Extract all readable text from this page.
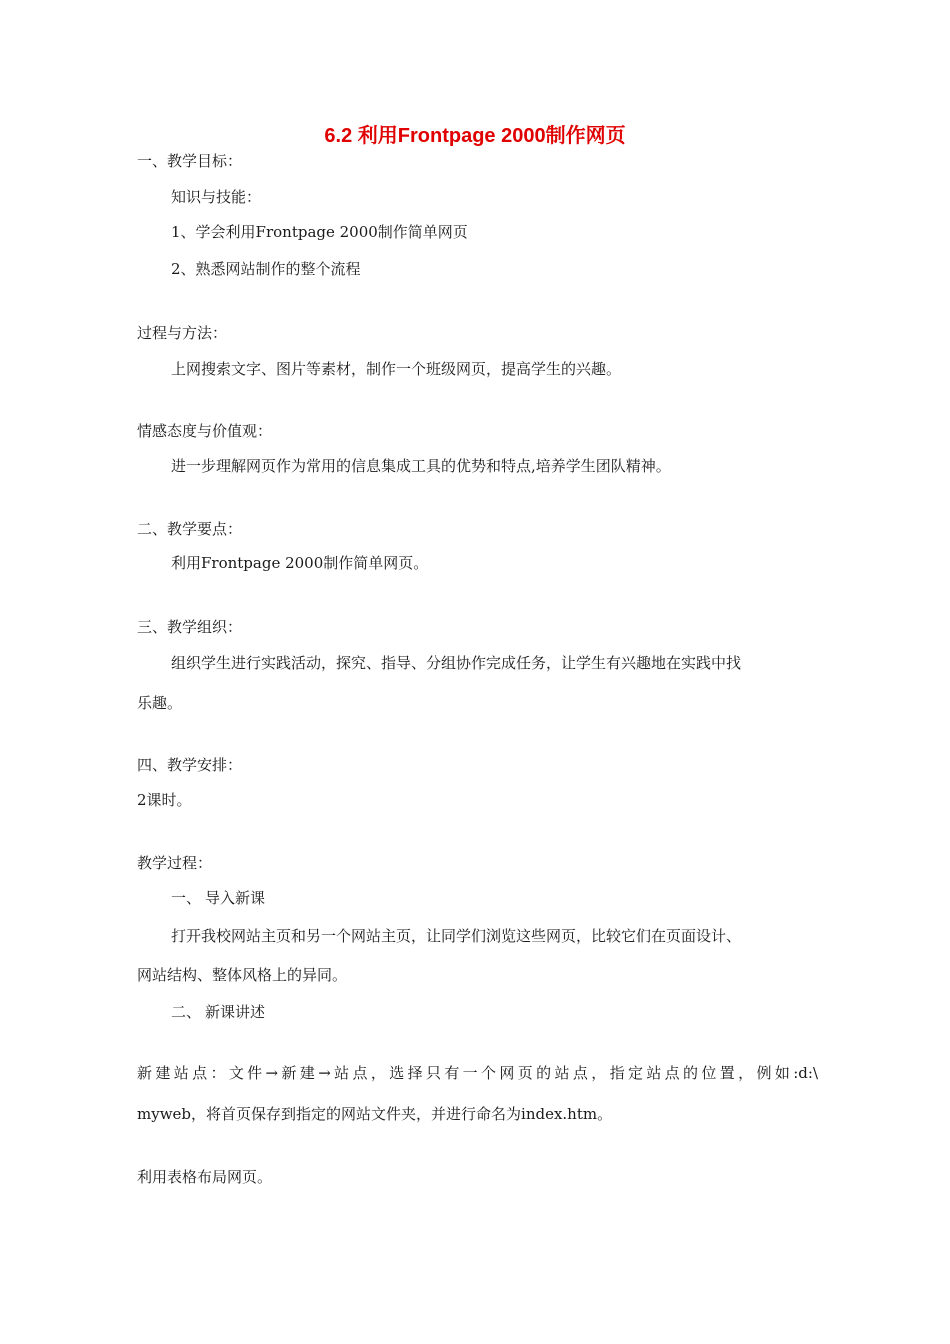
6.2 利用Frontpage 2000制作网页
一、教学目标：
知识与技能：
1、学会利用Frontpage 2000制作简单网页
2、熟悉网站制作的整个流程
过程与方法：
上网搜索文字、图片等素材，制作一个班级网页，提高学生的兴趣。
情感态度与价值观：
进一步理解网页作为常用的信息集成工具的优势和特点,培养学生团队精神。
二、教学要点：
利用Frontpage 2000制作简单网页。
三、教学组织：
组织学生进行实践活动，探究、指导、分组协作完成任务，让学生有兴趣地在实践中找
乐趣。
四、教学安排：
2课时。
教学过程：
一、 导入新课
打开我校网站主页和另一个网站主页，让同学们浏览这些网页，比较它们在页面设计、
网站结构、整体风格上的异同。
二、 新课讲述
新建站点：文件→新建→站点，选择只有一个网页的站点，指定站点的位置，例如:d:\
myweb，将首页保存到指定的网站文件夹，并进行命名为index.htm。
利用表格布局网页。
